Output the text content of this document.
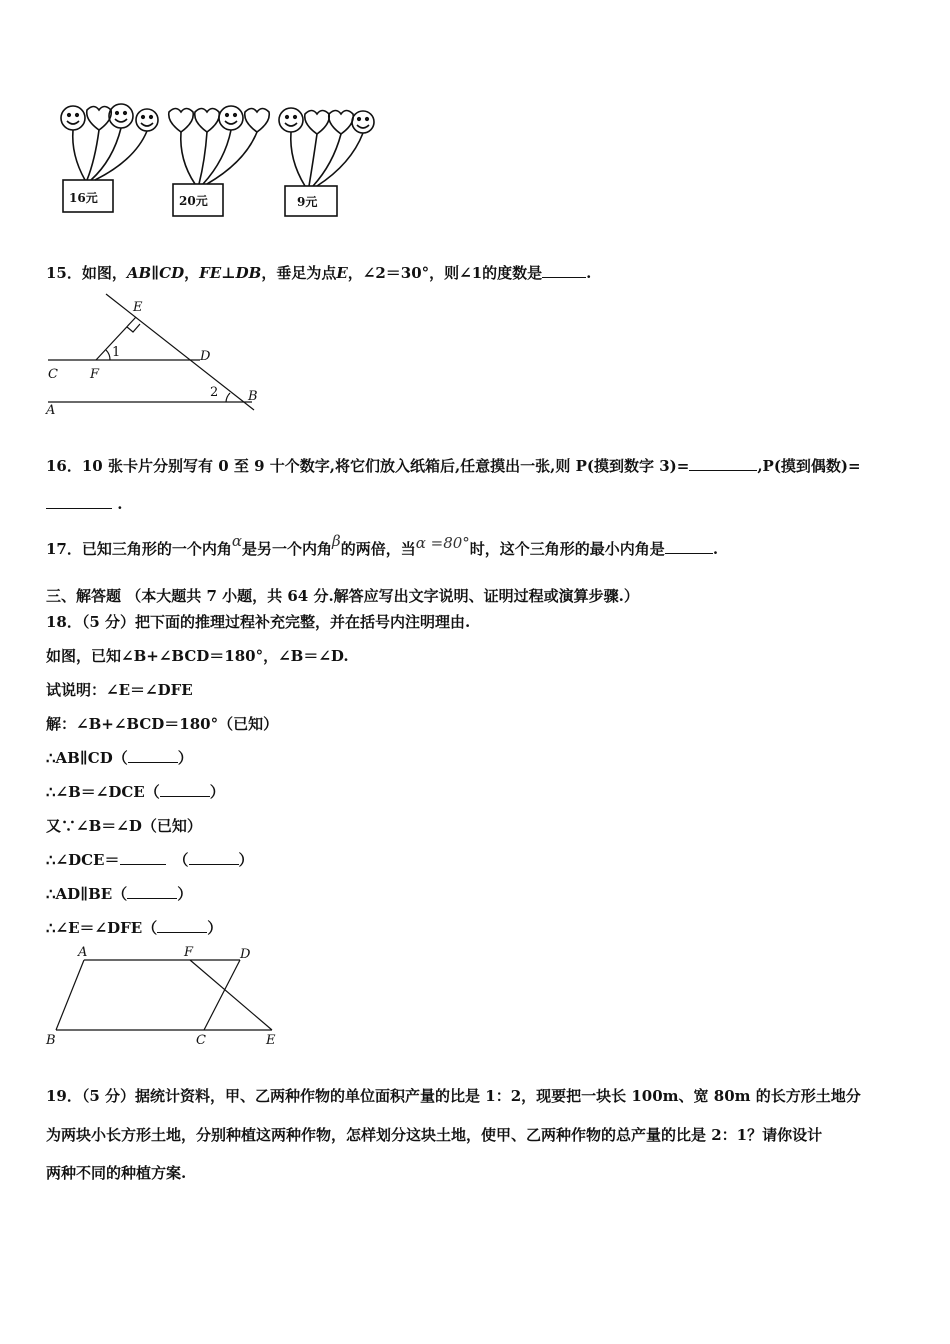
16元	20元	9元
15．如图，AB∥CD，FE⊥DB，垂足为点E，∠2＝30°，则∠1的度数是	.
E
D
1
C F
2 B
A
16．10 张卡片分别写有 0 至 9 十个数字,将它们放入纸箱后,任意摸出一张,则 P(摸到数字 3)=	,P(摸到偶数)=
.
17．已知三角形的一个内角α是另一个内角β的两倍，当α =80°时，这个三角形的最小内角是	.
三、解答题 （本大题共 7 小题，共 64 分.解答应写出文字说明、证明过程或演算步骤.）
18．（5 分）把下面的推理过程补充完整，并在括号内注明理由.
如图，已知∠B+∠BCD＝180°，∠B＝∠D.
试说明：∠E＝∠DFE
解：∠B+∠BCD＝180°（已知）
∴AB∥CD（	）
∴∠B＝∠DCE（	）
又∵∠B＝∠D（已知）
∴∠DCE＝	（	）
∴AD∥BE（	）
∴∠E＝∠DFE（	）
A	F	D
B	C	E
19．（5 分）据统计资料，甲、乙两种作物的单位面积产量的比是 1：2，现要把一块长 100m、宽 80m 的长方形土地分
为两块小长方形土地，分别种植这两种作物，怎样划分这块土地，使甲、乙两种作物的总产量的比是 2：1？请你设计
两种不同的种植方案.
